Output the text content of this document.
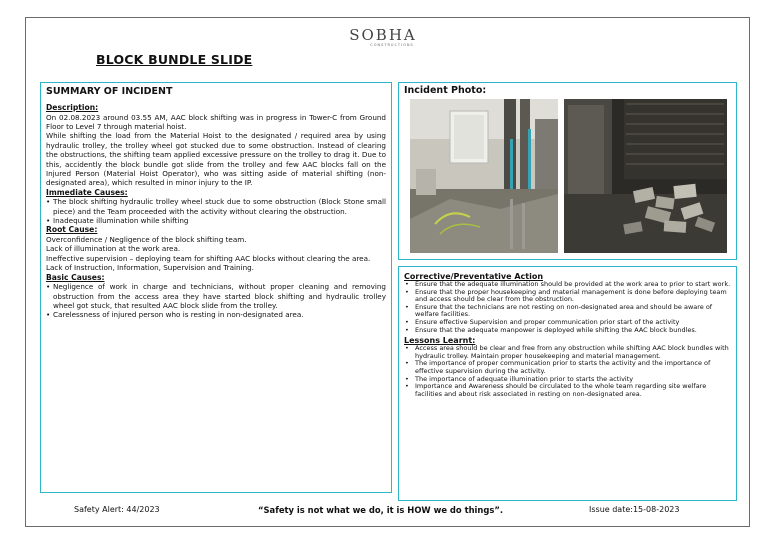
BLOCK BUNDLE SLIDE
SOBHA
CONSTRUCTIONS
SUMMARY OF INCIDENT
Description:
On 02.08.2023 around 03.55 AM, AAC block shifting was in progress in Tower-C from Ground Floor to Level 7 through material hoist.
While shifting the load from the Material Hoist to the designated / required area by using hydraulic trolley, the trolley wheel got stucked due to some obstruction. Instead of clearing the obstructions, the shifting team applied excessive pressure on the trolley to drag it. Due to this, accidently the block bundle got slide from the trolley and few AAC blocks fall on the Injured Person (Material Hoist Operator), who was sitting aside of material shifting (non-designated area), which resulted in minor injury to the IP.
Immediate Causes:
• The block shifting hydraulic trolley wheel stuck due to some obstruction (Block Stone small piece) and the Team proceeded with the activity without clearing the obstruction.
• Inadequate illumination while shifting
Root Cause:
Overconfidence / Negligence of the block shifting team.
Lack of illumination at the work area.
Ineffective supervision – deploying team for shifting AAC blocks without clearing the area.
Lack of Instruction, Information, Supervision and Training.
Basic Causes:
• Negligence of work in charge and technicians, without proper cleaning and removing obstruction from the access area they have started block shifting and hydraulic trolley wheel got stuck, that resulted AAC block slide from the trolley.
• Carelessness of injured person who is resting in non-designated area.
Incident Photo:
Corrective/Preventative Action
• Ensure that the adequate illumination should be provided at the work area to prior to start work.
• Ensure that the proper housekeeping and material management is done before deploying team and access should be clear from the obstruction.
• Ensure that the technicians are not resting on non-designated area and should be aware of welfare facilities.
• Ensure effective Supervision and proper communication prior start of the activity
• Ensure that the adequate manpower is deployed while shifting the AAC block bundles.
Lessons Learnt:
• Access area should be clear and free from any obstruction while shifting AAC block bundles with hydraulic trolley. Maintain proper housekeeping and material management.
• The importance of proper communication prior to starts the activity and the importance of effective supervision during the activity.
• The importance of adequate illumination prior to starts the activity
• Importance and Awareness should be circulated to the whole team regarding site welfare facilities and about risk associated in resting on non-designated area.
Safety Alert: 44/2023	“Safety is not what we do, it is HOW we do things”.	Issue date:15-08-2023
